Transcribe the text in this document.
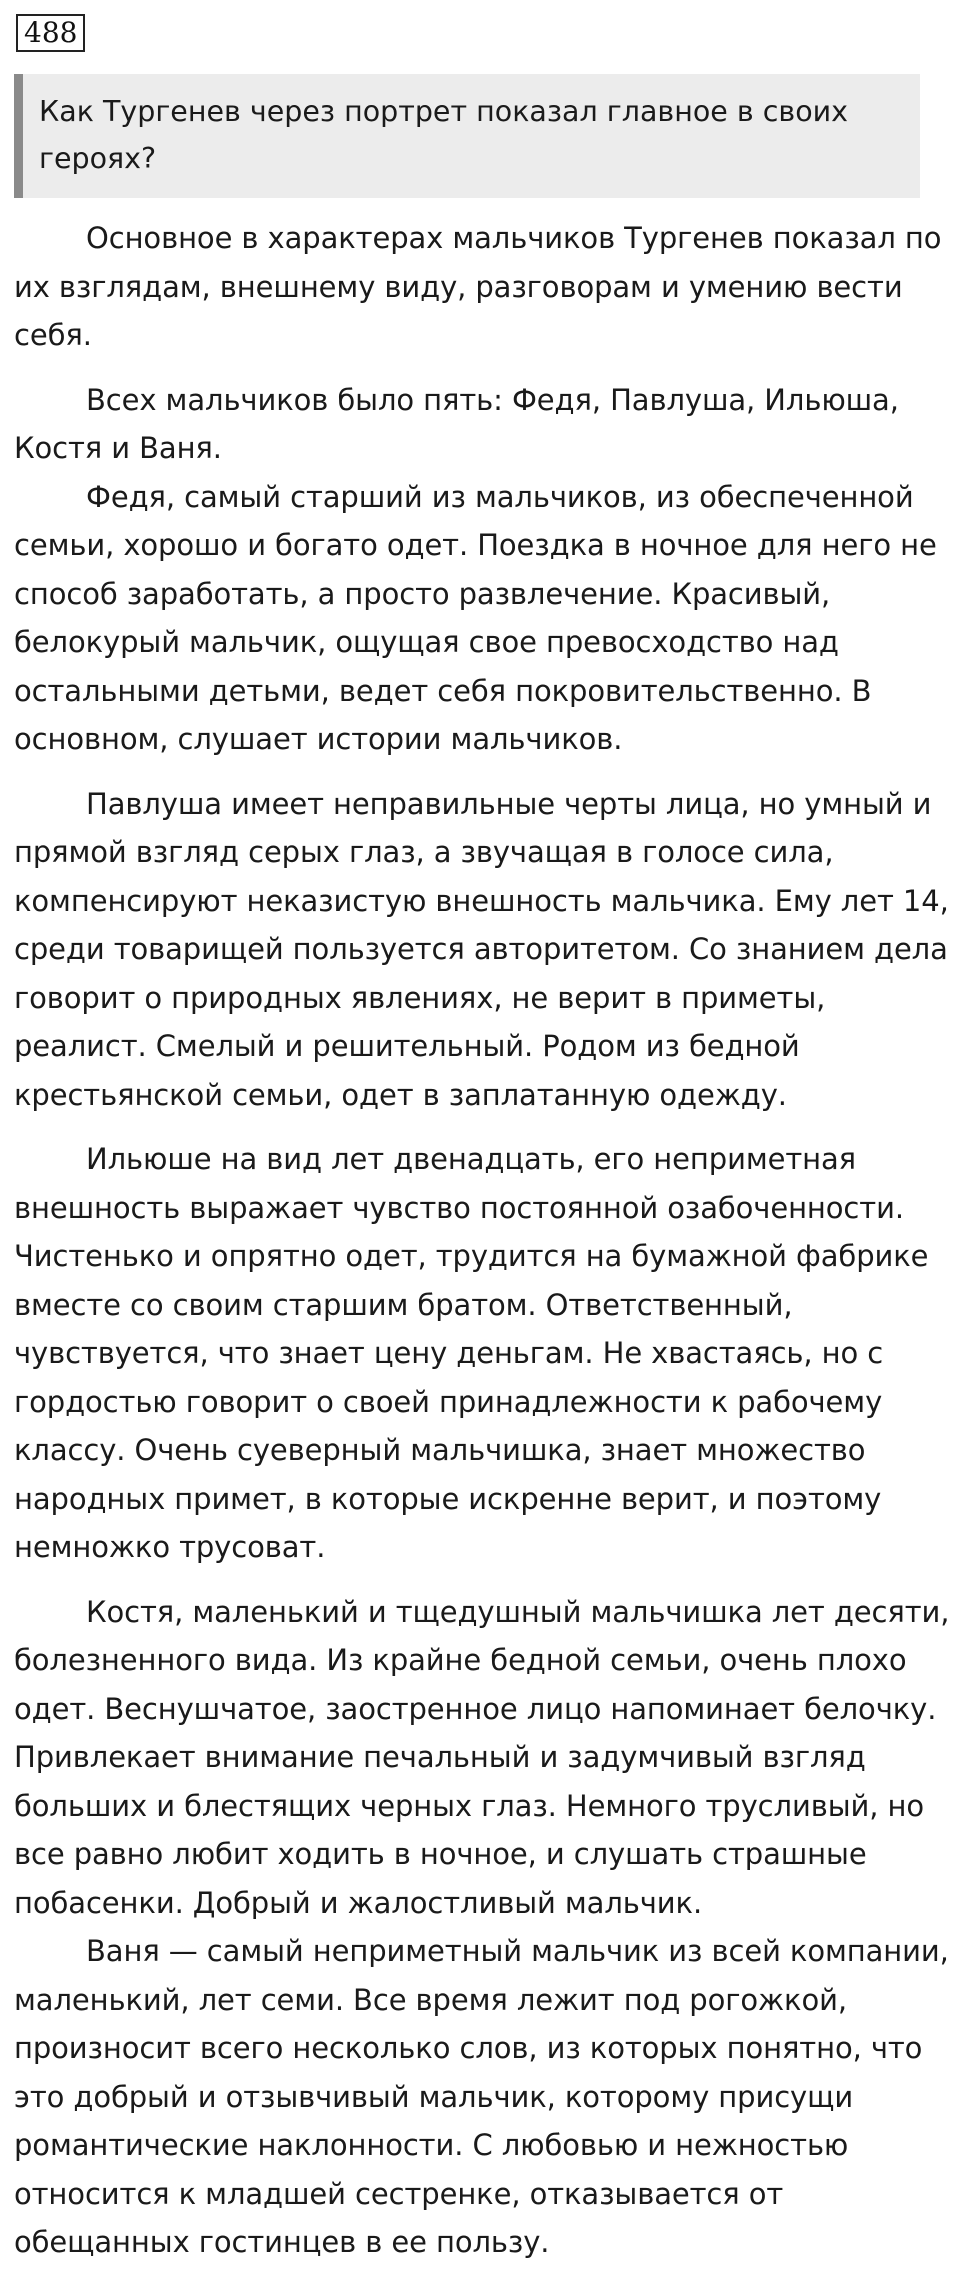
488
Как Тургенев через портрет показал главное в своих героях?

Основное в характерах мальчиков Тургенев показал по их взглядам, внешнему виду, разговорам и умению вести себя.

Всех мальчиков было пять: Федя, Павлуша, Ильюша, Костя и Ваня.

Федя, самый старший из мальчиков, из обеспеченной семьи, хорошо и богато одет. Поездка в ночное для него не способ заработать, а просто развлечение. Красивый, белокурый мальчик, ощущая свое превосходство над остальными детьми, ведет себя покровительственно. В основном, слушает истории мальчиков.

Павлуша имеет неправильные черты лица, но умный и прямой взгляд серых глаз, а звучащая в голосе сила, компенсируют неказистую внешность мальчика. Ему лет 14, среди товарищей пользуется авторитетом. Со знанием дела говорит о природных явлениях, не верит в приметы, реалист. Смелый и решительный. Родом из бедной крестьянской семьи, одет в заплатанную одежду.

Ильюше на вид лет двенадцать, его неприметная внешность выражает чувство постоянной озабоченности. Чистенько и опрятно одет, трудится на бумажной фабрике вместе со своим старшим братом. Ответственный, чувствуется, что знает цену деньгам. Не хвастаясь, но с гордостью говорит о своей принадлежности к рабочему классу. Очень суеверный мальчишка, знает множество народных примет, в которые искренне верит, и поэтому немножко трусоват.

Костя, маленький и тщедушный мальчишка лет десяти, болезненного вида. Из крайне бедной семьи, очень плохо одет. Веснушчатое, заостренное лицо напоминает белочку. Привлекает внимание печальный и задумчивый взгляд больших и блестящих черных глаз. Немного трусливый, но все равно любит ходить в ночное, и слушать страшные побасенки. Добрый и жалостливый мальчик.

Ваня — самый неприметный мальчик из всей компании, маленький, лет семи. Все время лежит под рогожкой, произносит всего несколько слов, из которых понятно, что это добрый и отзывчивый мальчик, которому присущи романтические наклонности. С любовью и нежностью относится к младшей сестренке, отказывается от обещанных гостинцев в ее пользу.
